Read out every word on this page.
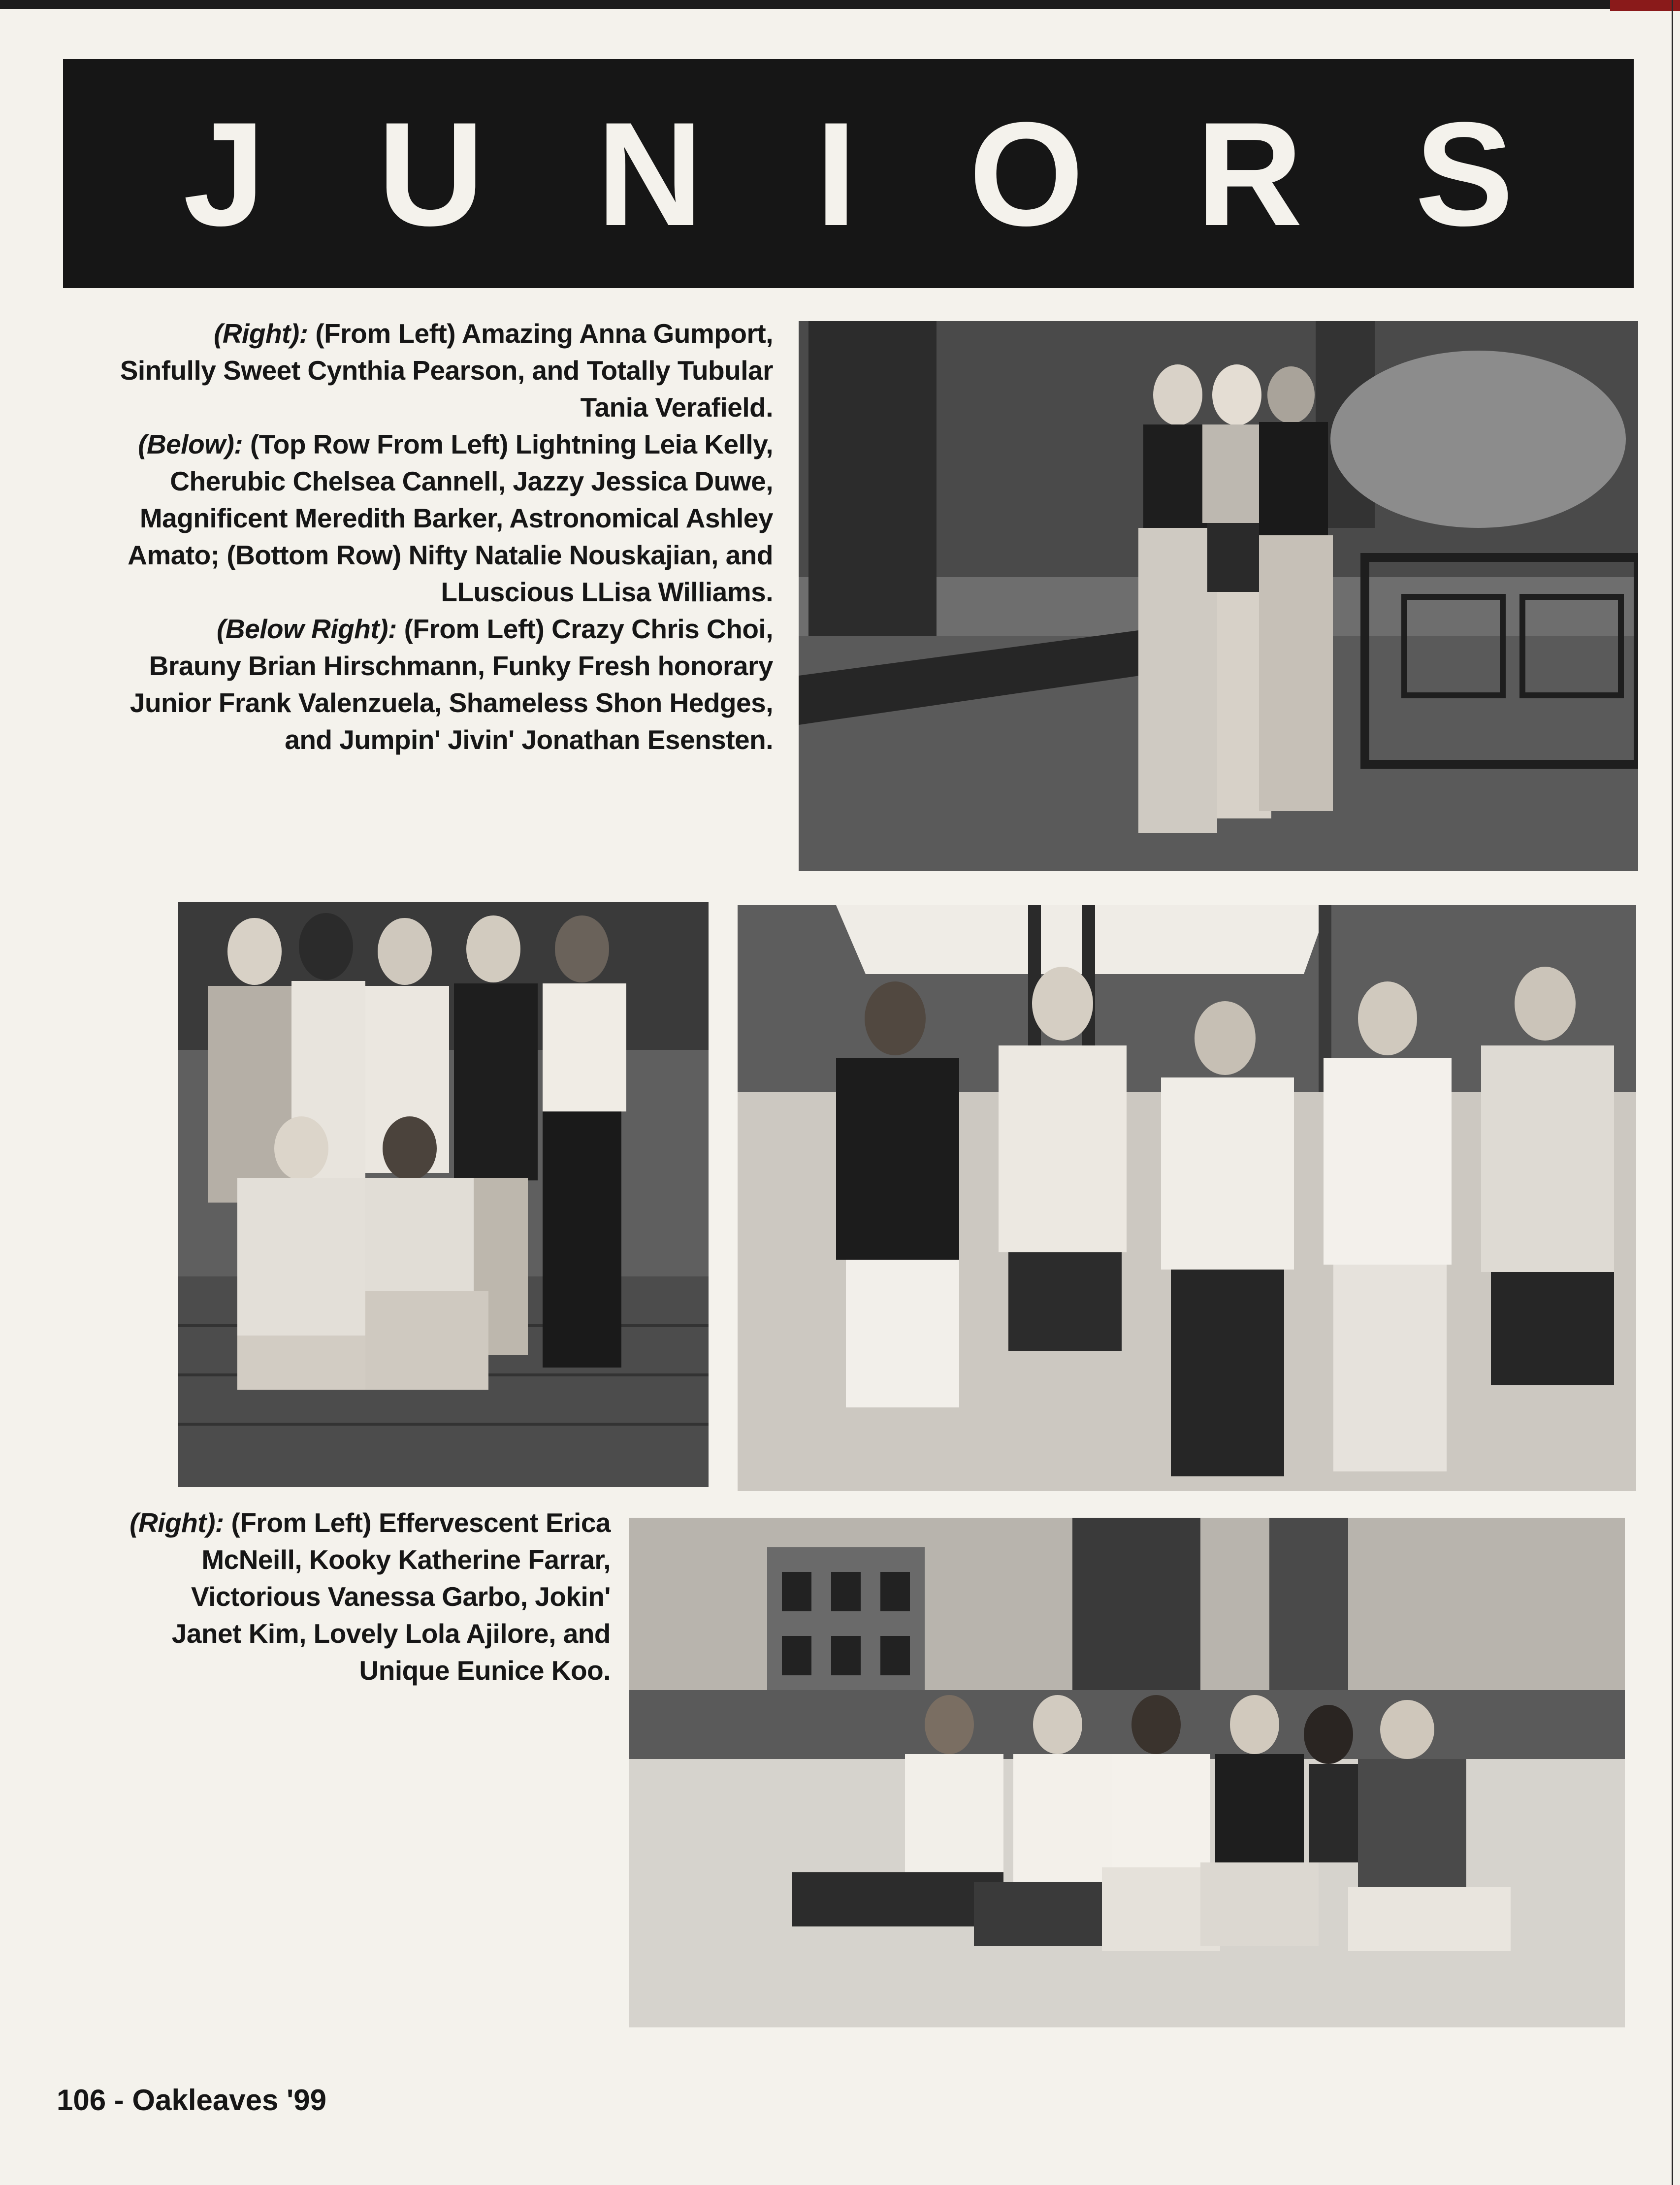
J U N I O R S

(Right): (From Left) Amazing Anna Gumport, Sinfully Sweet Cynthia Pearson, and Totally Tubular Tania Verafield.

(Below): (Top Row From Left) Lightning Leia Kelly, Cherubic Chelsea Cannell, Jazzy Jessica Duwe, Magnificent Meredith Barker, Astronomical Ashley Amato; (Bottom Row) Nifty Natalie Nouskajian, and LLuscious LLisa Williams.

(Below Right): (From Left) Crazy Chris Choi, Brauny Brian Hirschmann, Funky Fresh honorary Junior Frank Valenzuela, Shameless Shon Hedges, and Jumpin' Jivin' Jonathan Esensten.

(Right): (From Left) Effervescent Erica McNeill, Kooky Katherine Farrar, Victorious Vanessa Garbo, Jokin' Janet Kim, Lovely Lola Ajilore, and Unique Eunice Koo.

106 - Oakleaves '99
